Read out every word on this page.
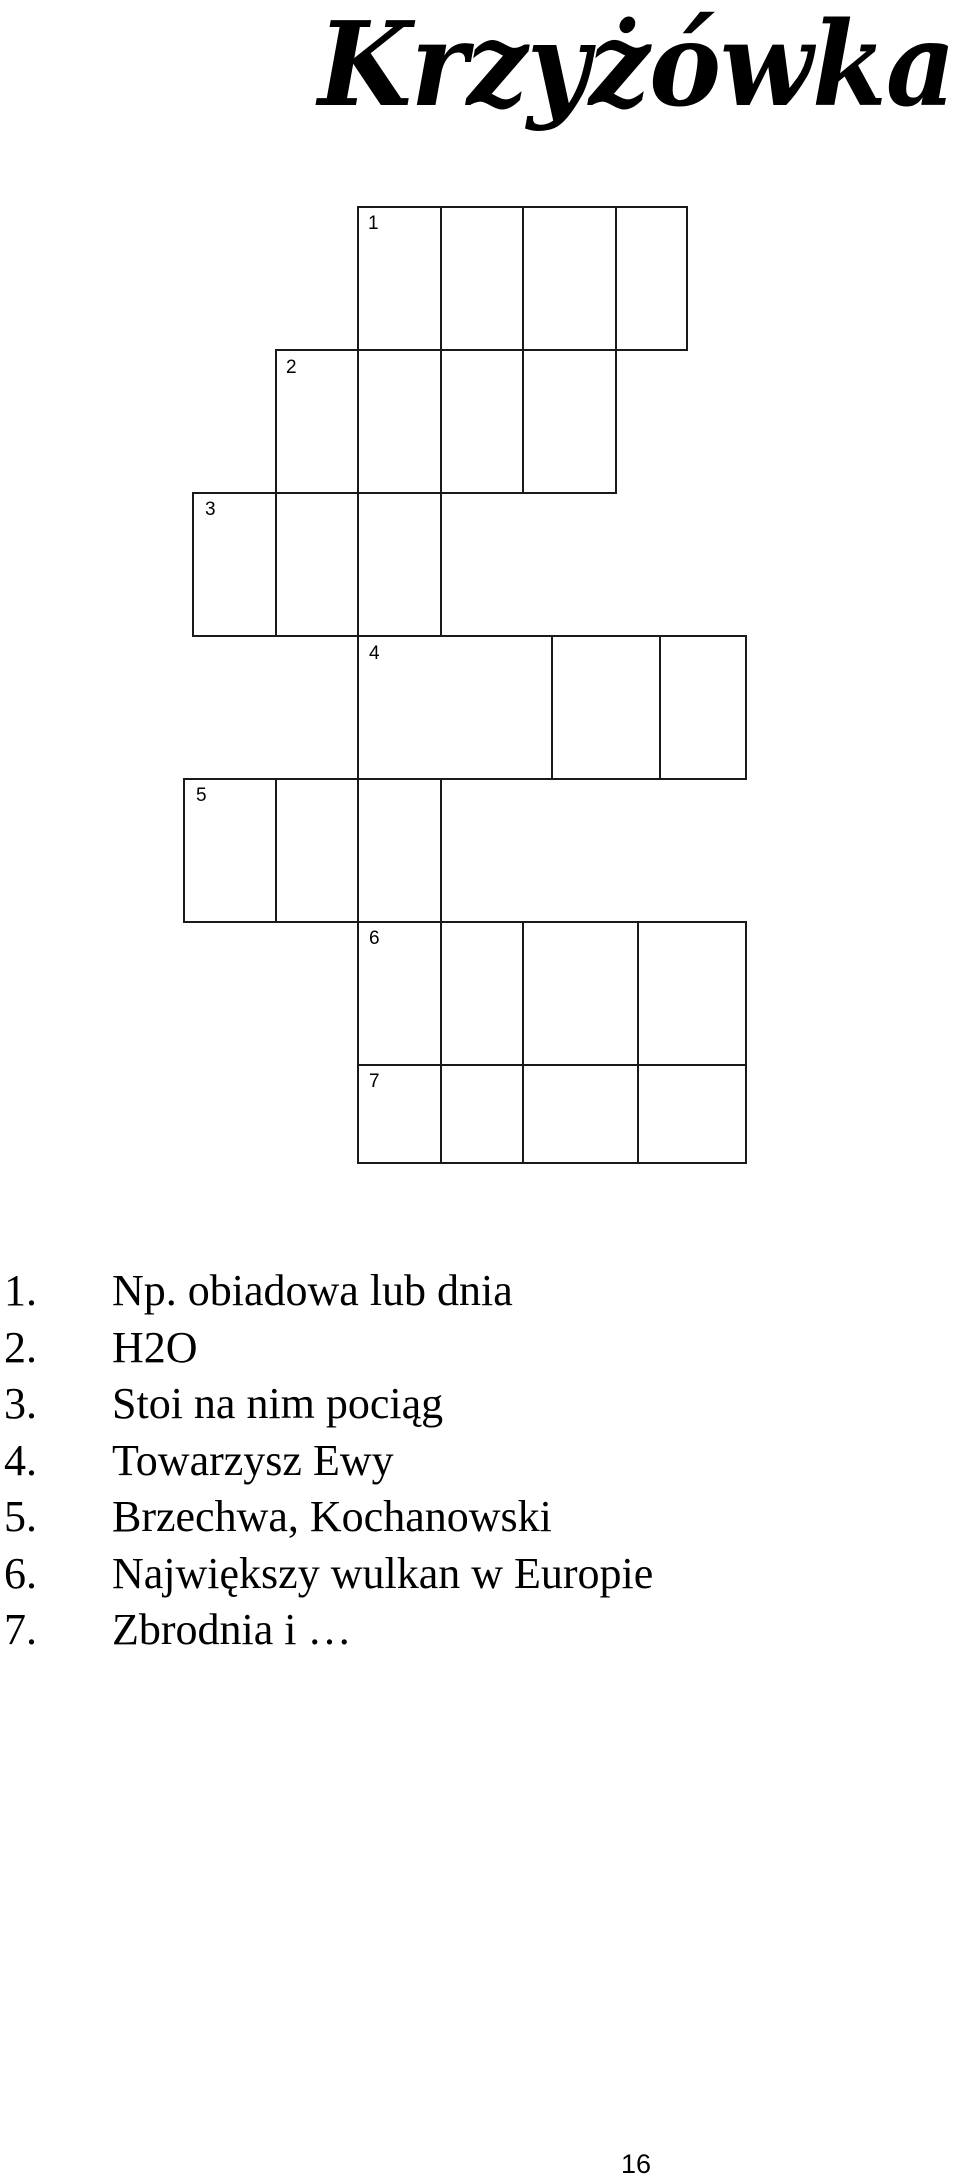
Krzyżówka
1
2
3
4
5
6
7
1. Np. obiadowa lub dnia
2. H2O
3. Stoi na nim pociąg
4. Towarzysz Ewy
5. Brzechwa, Kochanowski
6. Największy wulkan w Europie
7. Zbrodnia i …
16
